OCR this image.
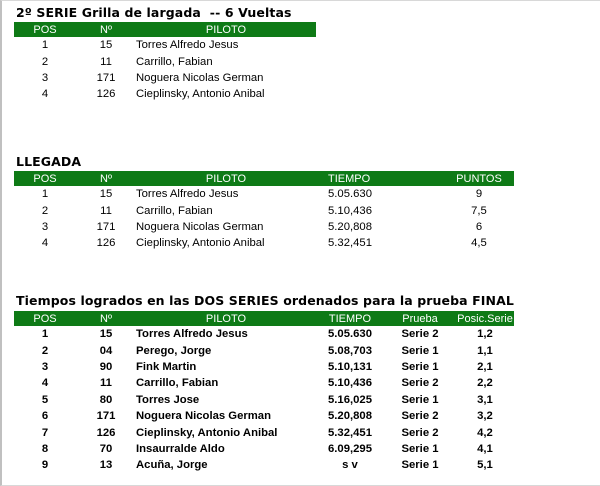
2º SERIE Grilla de largada  -- 6 Vueltas
POS	Nº	PILOTO
1	15	Torres Alfredo Jesus
2	11	Carrillo, Fabian
3	171	Noguera Nicolas German
4	126	Cieplinsky, Antonio Anibal
LLEGADA
POS	Nº	PILOTO	TIEMPO	PUNTOS
1	15	Torres Alfredo Jesus	5.05.630	9
2	11	Carrillo, Fabian	5.10,436	7,5
3	171	Noguera Nicolas German	5.20,808	6
4	126	Cieplinsky, Antonio Anibal	5.32,451	4,5
Tiempos logrados en las DOS SERIES ordenados para la prueba FINAL
POS	Nº	PILOTO	TIEMPO	Prueba	Posic.Serie
1	15	Torres Alfredo Jesus	5.05.630	Serie 2	1,2
2	04	Perego, Jorge	5.08,703	Serie 1	1,1
3	90	Fink Martin	5.10,131	Serie 1	2,1
4	11	Carrillo, Fabian	5.10,436	Serie 2	2,2
5	80	Torres Jose	5.16,025	Serie 1	3,1
6	171	Noguera Nicolas German	5.20,808	Serie 2	3,2
7	126	Cieplinsky, Antonio Anibal	5.32,451	Serie 2	4,2
8	70	Insaurralde Aldo	6.09,295	Serie 1	4,1
9	13	Acuña, Jorge	s v	Serie 1	5,1
